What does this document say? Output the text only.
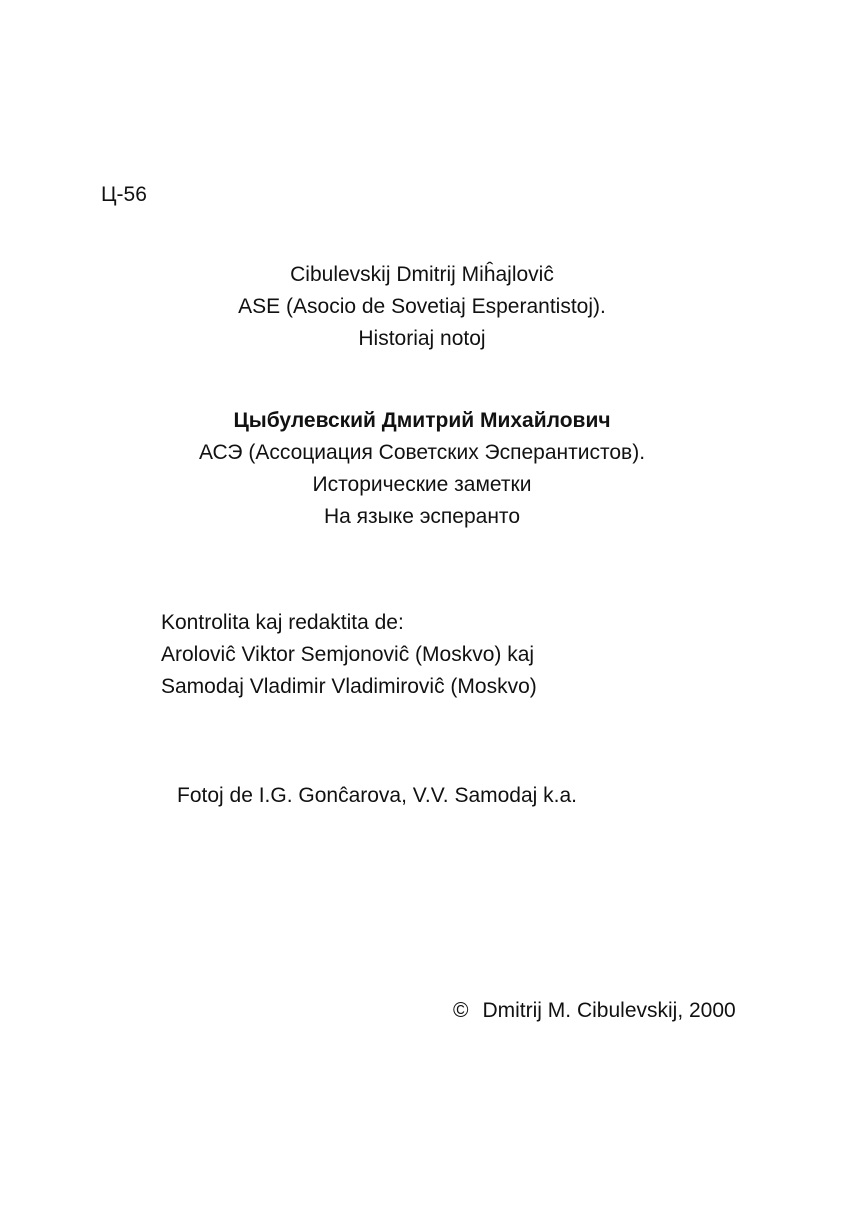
Ц-56
Cibulevskij Dmitrij Miĥajloviĉ
ASE (Asocio de Sovetiaj Esperantistoj).
Historiaj notoj
Цыбулевский Дмитрий Михайлович
АСЭ (Ассоциация Советских Эсперантистов).
Исторические заметки
На языке эсперанто
Kontrolita kaj redaktita de:
Aroloviĉ Viktor Semjonoviĉ (Moskvo) kaj
Samodaj Vladimir Vladimiroviĉ (Moskvo)
Fotoj de I.G. Gonĉarova, V.V. Samodaj k.a.
© Dmitrij M. Cibulevskij, 2000
